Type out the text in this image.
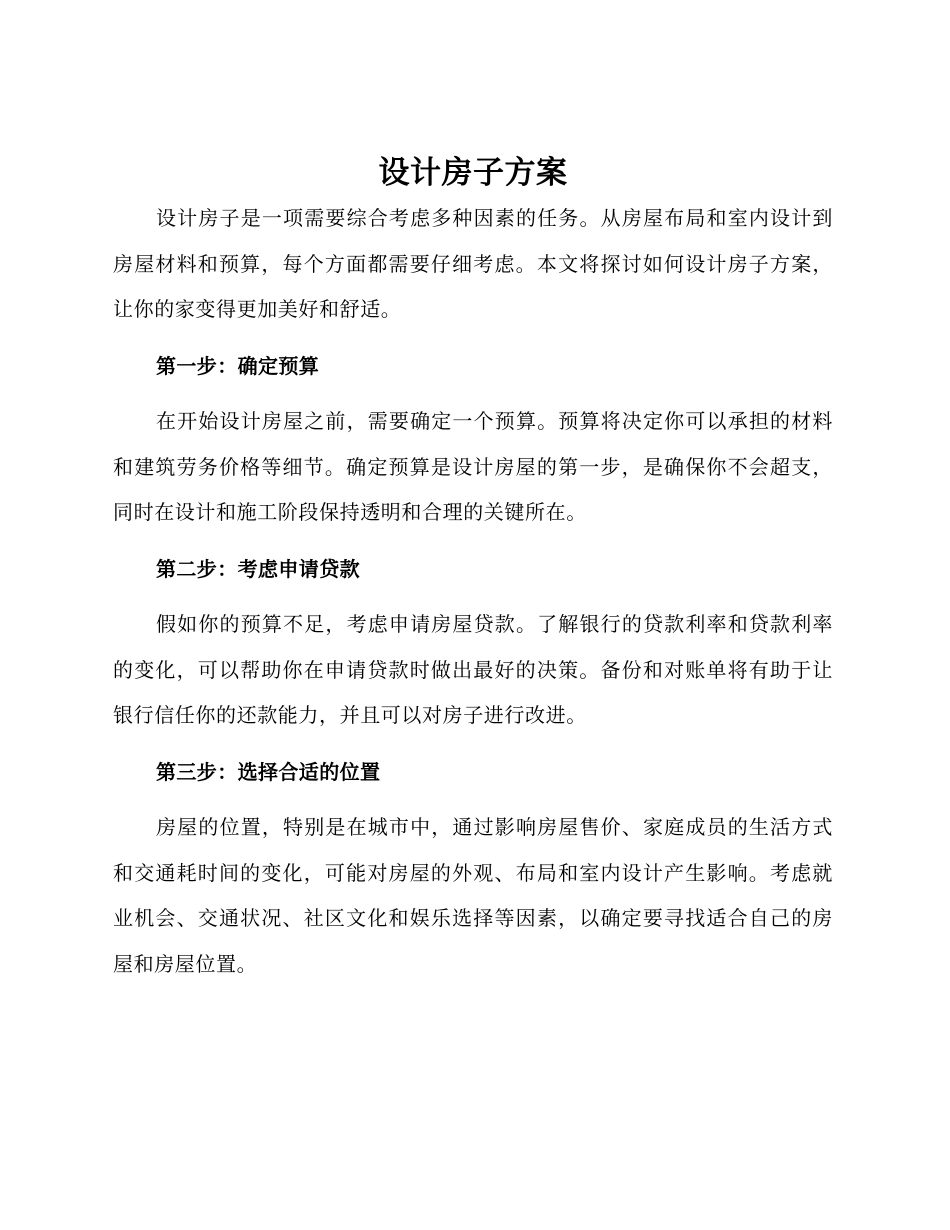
设计房子方案

设计房子是一项需要综合考虑多种因素的任务。从房屋布局和室内设计到房屋材料和预算，每个方面都需要仔细考虑。本文将探讨如何设计房子方案，让你的家变得更加美好和舒适。

第一步：确定预算

在开始设计房屋之前，需要确定一个预算。预算将决定你可以承担的材料和建筑劳务价格等细节。确定预算是设计房屋的第一步，是确保你不会超支，同时在设计和施工阶段保持透明和合理的关键所在。

第二步：考虑申请贷款

假如你的预算不足，考虑申请房屋贷款。了解银行的贷款利率和贷款利率的变化，可以帮助你在申请贷款时做出最好的决策。备份和对账单将有助于让银行信任你的还款能力，并且可以对房子进行改进。

第三步：选择合适的位置

房屋的位置，特别是在城市中，通过影响房屋售价、家庭成员的生活方式和交通耗时间的变化，可能对房屋的外观、布局和室内设计产生影响。考虑就业机会、交通状况、社区文化和娱乐选择等因素，以确定要寻找适合自己的房屋和房屋位置。
